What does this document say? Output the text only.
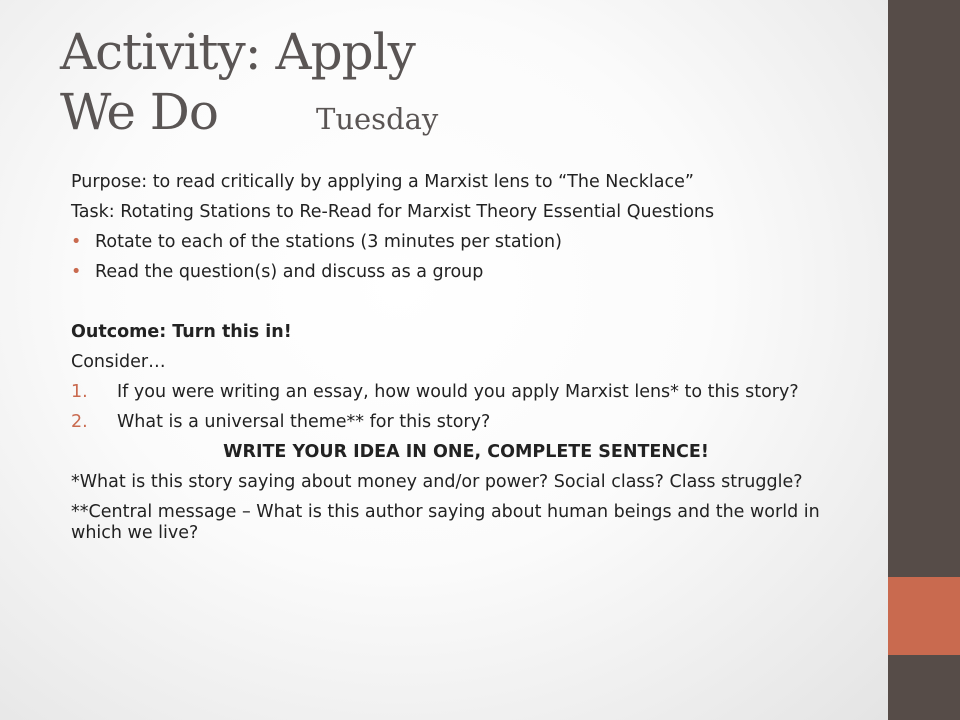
Activity: Apply
We Do	Tuesday

Purpose: to read critically by applying a Marxist lens to “The Necklace”

Task: Rotating Stations to Re-Read for Marxist Theory Essential Questions

• Rotate to each of the stations (3 minutes per station)
• Read the question(s) and discuss as a group

Outcome: Turn this in!

Consider…

1. If you were writing an essay, how would you apply Marxist lens* to this story?
2. What is a universal theme** for this story?

WRITE YOUR IDEA IN ONE, COMPLETE SENTENCE!

*What is this story saying about money and/or power? Social class? Class struggle?

**Central message – What is this author saying about human beings and the world in which we live?
